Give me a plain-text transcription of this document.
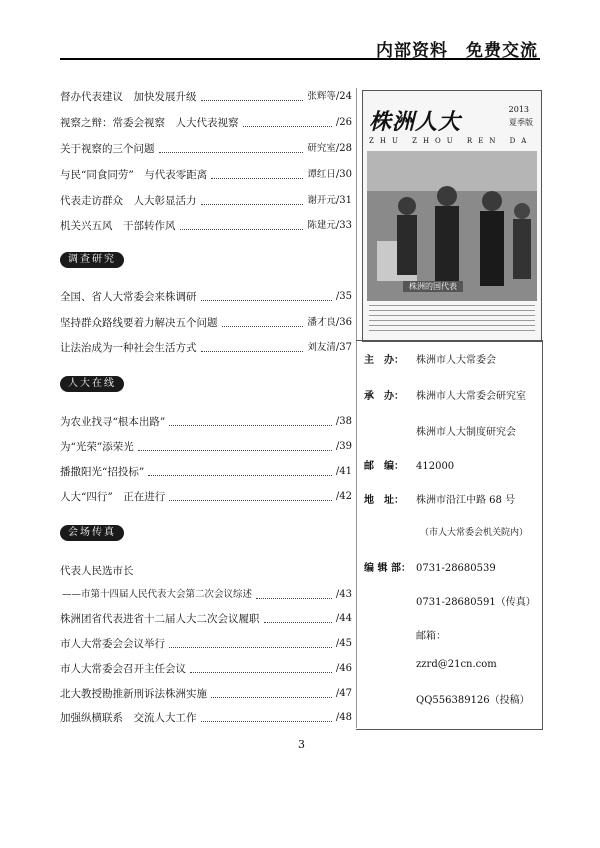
内部资料　免费交流
督办代表建议　加快发展升级	张辉等 /24
视察之辩：常委会视察　人大代表视察	/26
关于视察的三个问题	研究室 /28
与民“同食同劳”　与代表零距离	谭红日 /30
代表走访群众　人大彰显活力	谢开元 /31
机关兴五风　干部转作风	陈建元 /33
调查研究
全国、省人大常委会来株调研	/35
坚持群众路线要着力解决五个问题	潘才良 /36
让法治成为一种社会生活方式	刘友清 /37
人大在线
为农业找寻“根本出路”	/38
为“光荣”添荣光	/39
播撒阳光“招投标”	/41
人大“四行”　正在进行	/42
会场传真
代表人民选市长
——市第十四届人民代表大会第二次会议综述	/43
株洲团省代表进省十二届人大二次会议履职	/44
市人大常委会会议举行	/45
市人大常委会召开主任会议	/46
北大教授勘推新刑诉法株洲实施	/47
加强纵横联系　交流人大工作	/48
株洲人大	2013
夏季版
ZHU ZHOU REN DA
株洲的国代表
主　办： 株洲市人大常委会
承　办： 株洲市人大常委会研究室
株洲市人大制度研究会
邮　编： 412000
地　址： 株洲市沿江中路 68 号
（市人大常委会机关院内）
编 辑 部： 0731-28680539
0731-28680591（传真）
邮箱：
zzrd@21cn.com
QQ556389126（投稿）
3
